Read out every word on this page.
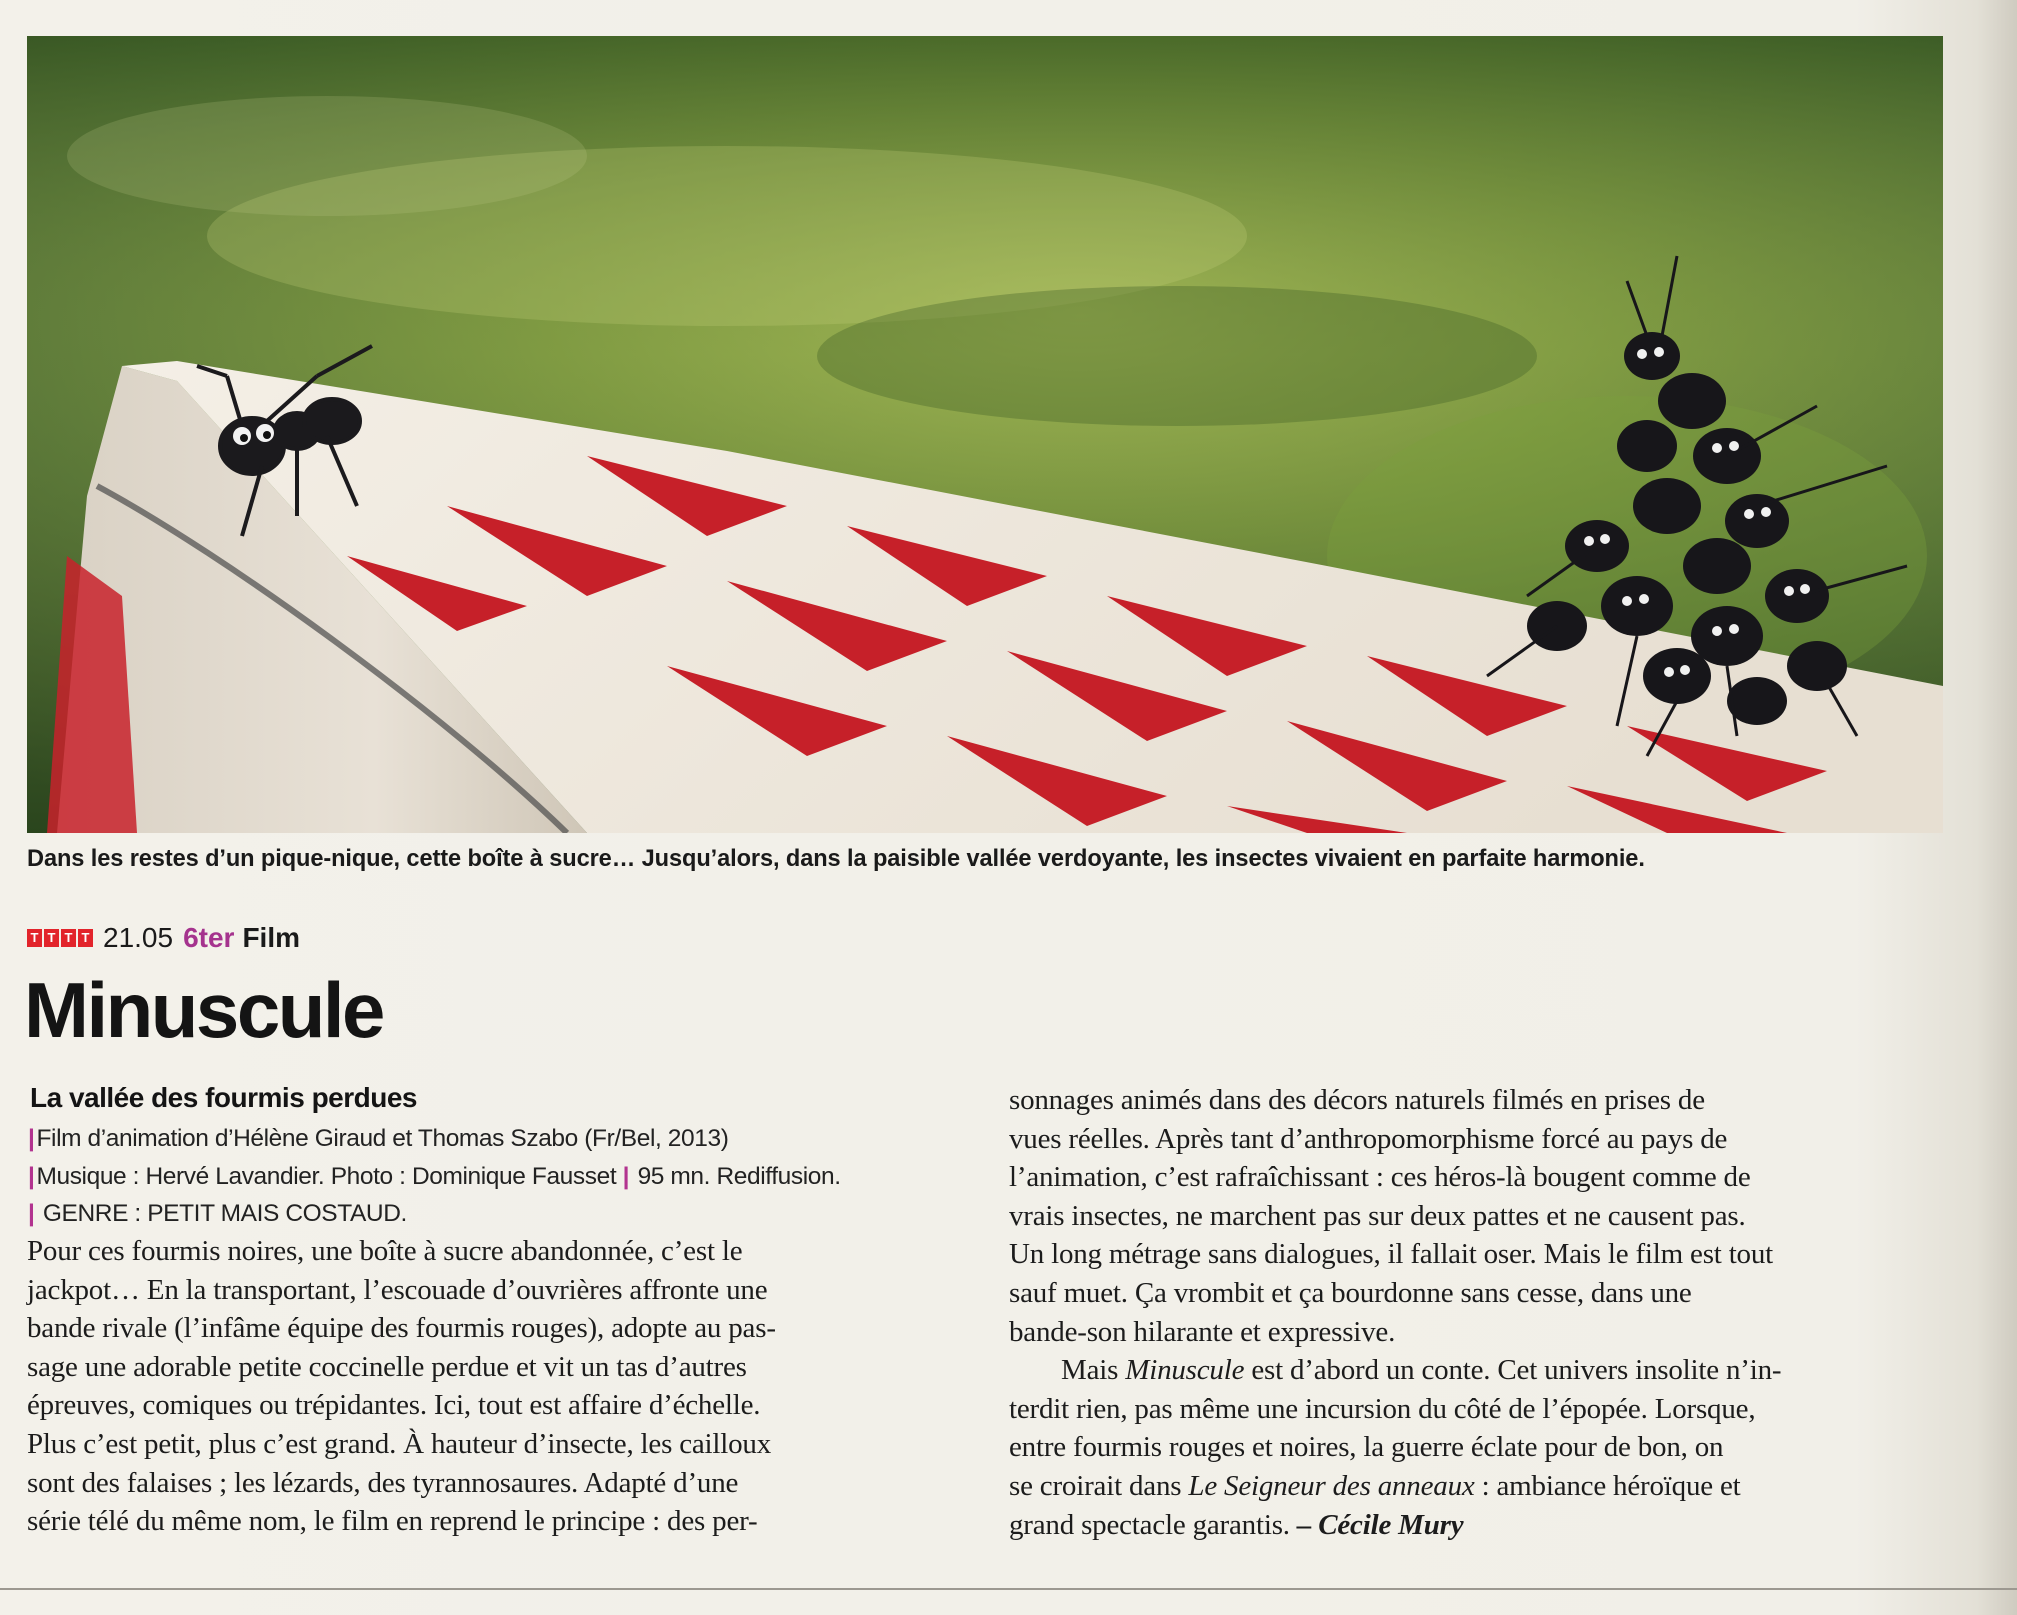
Dans les restes d’un pique-nique, cette boîte à sucre… Jusqu’alors, dans la paisible vallée verdoyante, les insectes vivaient en parfaite harmonie.
T T T T 21.05 6ter Film
Minuscule
La vallée des fourmis perdues
|Film d’animation d’Hélène Giraud et Thomas Szabo (Fr/Bel, 2013)
|Musique : Hervé Lavandier. Photo : Dominique Fausset | 95 mn. Rediffusion.
| GENRE : PETIT MAIS COSTAUD.
Pour ces fourmis noires, une boîte à sucre abandonnée, c’est le
jackpot… En la transportant, l’escouade d’ouvrières affronte une
bande rivale (l’infâme équipe des fourmis rouges), adopte au pas-
sage une adorable petite coccinelle perdue et vit un tas d’autres
épreuves, comiques ou trépidantes. Ici, tout est affaire d’échelle.
Plus c’est petit, plus c’est grand. À hauteur d’insecte, les cailloux
sont des falaises ; les lézards, des tyrannosaures. Adapté d’une
série télé du même nom, le film en reprend le principe : des per-
sonnages animés dans des décors naturels filmés en prises de
vues réelles. Après tant d’anthropomorphisme forcé au pays de
l’animation, c’est rafraîchissant : ces héros-là bougent comme de
vrais insectes, ne marchent pas sur deux pattes et ne causent pas.
Un long métrage sans dialogues, il fallait oser. Mais le film est tout
sauf muet. Ça vrombit et ça bourdonne sans cesse, dans une
bande-son hilarante et expressive.
Mais Minuscule est d’abord un conte. Cet univers insolite n’in-
terdit rien, pas même une incursion du côté de l’épopée. Lorsque,
entre fourmis rouges et noires, la guerre éclate pour de bon, on
se croirait dans Le Seigneur des anneaux : ambiance héroïque et
grand spectacle garantis. – Cécile Mury
